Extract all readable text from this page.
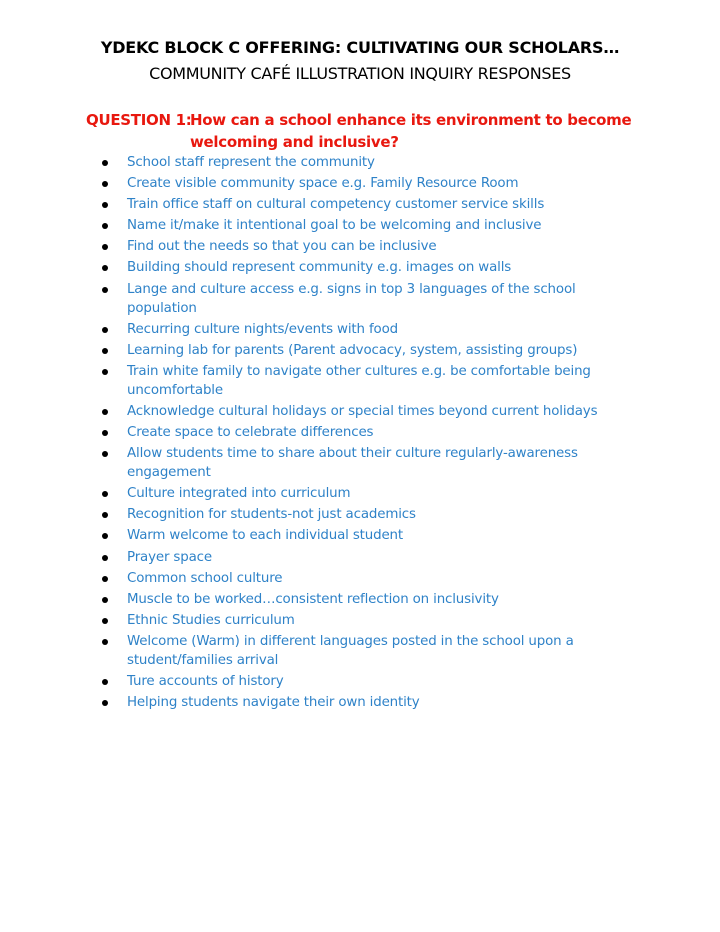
YDEKC BLOCK C OFFERING: CULTIVATING OUR SCHOLARS…
COMMUNITY CAFÉ ILLUSTRATION INQUIRY RESPONSES
QUESTION 1:
How can a school enhance its environment to become welcoming and inclusive?
School staff represent the community
Create visible community space e.g. Family Resource Room
Train office staff on cultural competency customer service skills
Name it/make it intentional goal to be welcoming and inclusive
Find out the needs so that you can be inclusive
Building should represent community e.g. images on walls
Lange and culture access e.g. signs in top 3 languages of the school population
Recurring culture nights/events with food
Learning lab for parents (Parent advocacy, system, assisting groups)
Train white family to navigate other cultures e.g. be comfortable being uncomfortable
Acknowledge cultural holidays or special times beyond current holidays
Create space to celebrate differences
Allow students time to share about their culture regularly-awareness engagement
Culture integrated into curriculum
Recognition for students-not just academics
Warm welcome to each individual student
Prayer space
Common school culture
Muscle to be worked…consistent reflection on inclusivity
Ethnic Studies curriculum
Welcome (Warm) in different languages posted in the school upon a student/families arrival
Ture accounts of history
Helping students navigate their own identity
